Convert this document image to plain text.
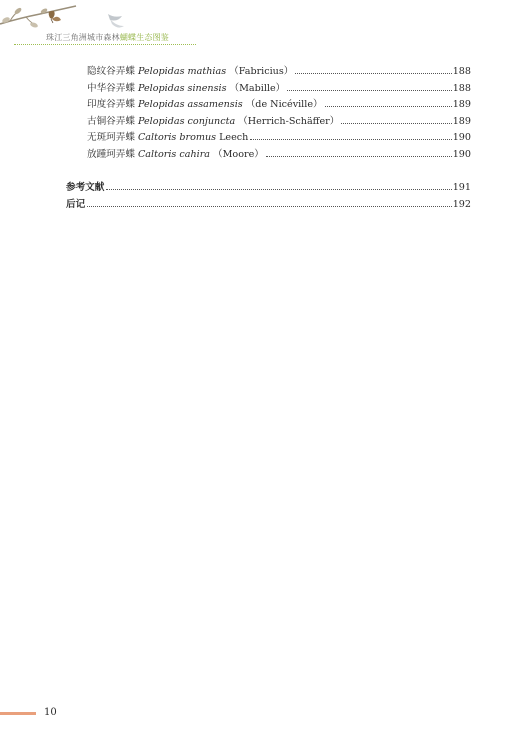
珠江三角洲城市森林蝴蝶生态图鉴
隐纹谷弄蝶 Pelopidas mathias （Fabricius）	188
中华谷弄蝶 Pelopidas sinensis （Mabille）	188
印度谷弄蝶 Pelopidas assamensis （de Nicéville）	189
古铜谷弄蝶 Pelopidas conjuncta （Herrich-Schäffer）	189
无斑珂弄蝶 Caltoris bromus Leech	190
放踵珂弄蝶 Caltoris cahira （Moore）	190
参考文献	191
后记	192
10
